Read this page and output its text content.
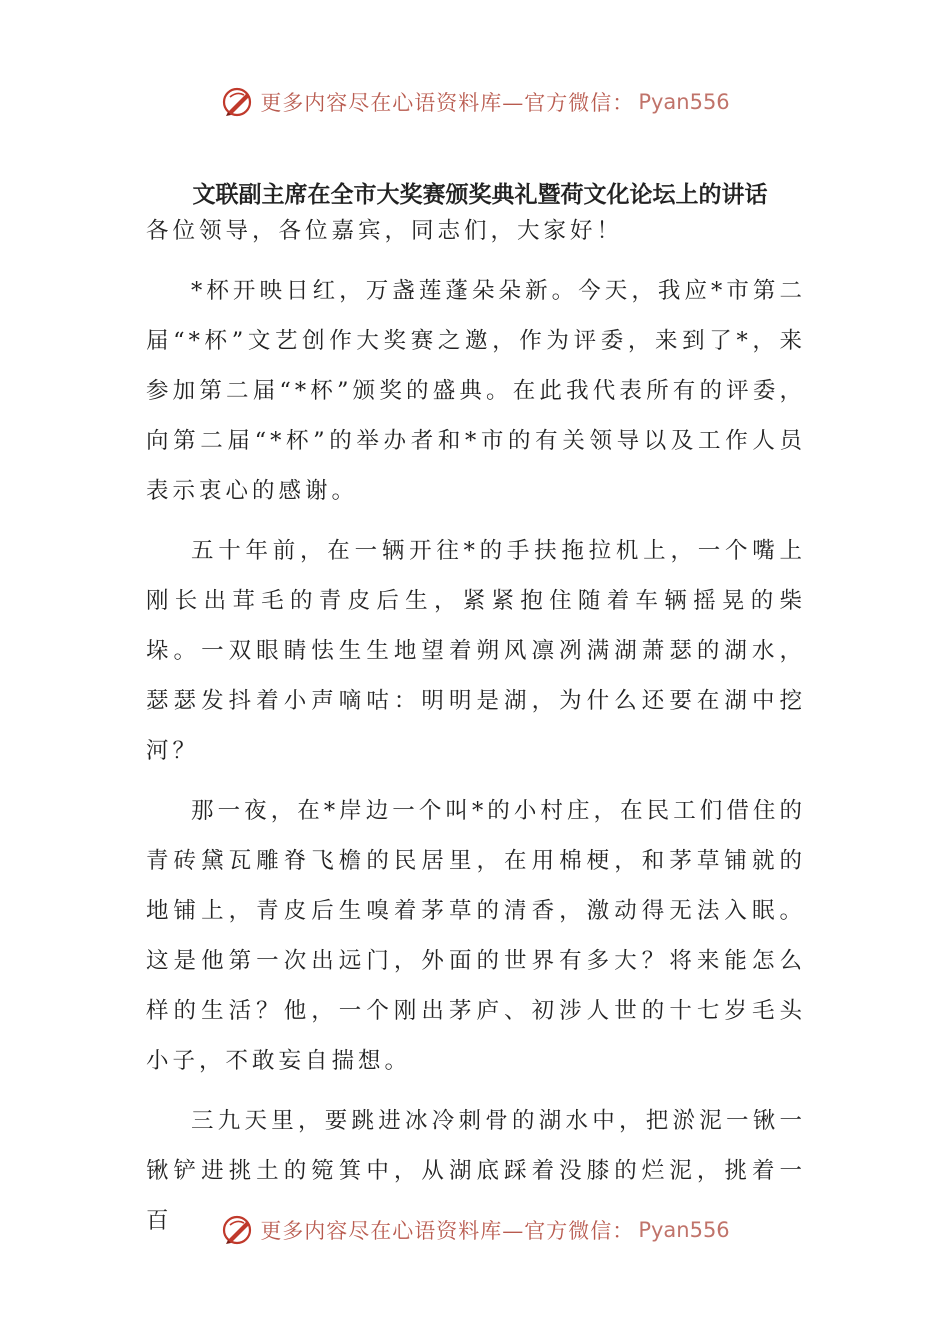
更多内容尽在心语资料库—官方微信： Pyan556
文联副主席在全市大奖赛颁奖典礼暨荷文化论坛上的讲话

各位领导，各位嘉宾，同志们，大家好！

*杯开映日红，万盏莲蓬朵朵新。今天，我应*市第二届“*杯”文艺创作大奖赛之邀，作为评委，来到了*，来参加第二届“*杯”颁奖的盛典。在此我代表所有的评委，向第二届“*杯”的举办者和*市的有关领导以及工作人员表示衷心的感谢。

五十年前，在一辆开往*的手扶拖拉机上，一个嘴上刚长出茸毛的青皮后生，紧紧抱住随着车辆摇晃的柴垛。一双眼睛怯生生地望着朔风凛冽满湖萧瑟的湖水，瑟瑟发抖着小声嘀咕：明明是湖，为什么还要在湖中挖河？

那一夜，在*岸边一个叫*的小村庄，在民工们借住的青砖黛瓦雕脊飞檐的民居里，在用棉梗，和茅草铺就的地铺上，青皮后生嗅着茅草的清香，激动得无法入眠。这是他第一次出远门，外面的世界有多大？将来能怎么样的生活？他，一个刚出茅庐、初涉人世的十七岁毛头小子，不敢妄自揣想。

三九天里，要跳进冰冷刺骨的湖水中，把淤泥一锹一锹铲进挑土的箢箕中，从湖底踩着没膝的烂泥，挑着一百	更多内容尽在心语资料库—官方微信： Pyan556
